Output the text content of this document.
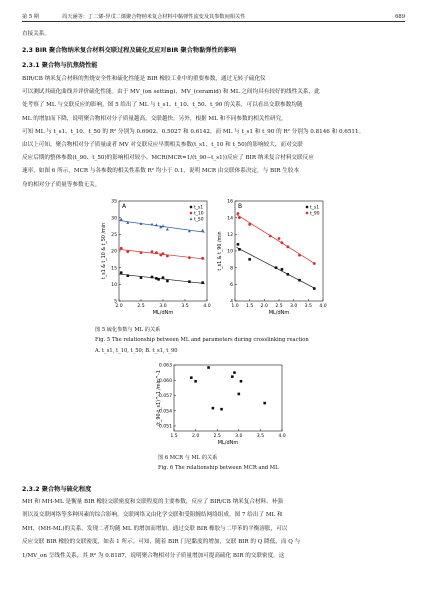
第 5 期	周天涵等：丁二烯-异戊二烯聚合物纳米复合材料中黏弹性流变及其参数间相关性	689
直接关系。
2.3 BIR 聚合物纳米复合材料交联过程及硫化反应对BIR 聚合物黏弹性的影响
2.3.1 聚合物与抗焦烧性能
BIR/CB 纳米复合材料的焦烧安全性和硫化性能是 BIR 橡胶工业中的重要参数，通过无转子硫化仪
可以测试其硫化曲线并评价硫化性能。由于 MV_(on setting)、MV_(ceramid) 和 ML 之间均具有较好的线性关系，此
处考察了 ML 与交联反应的影响。图 5 给出了 ML 与 t_s1、t_10、t_50、t_90 的关系，可以看出交联参数均随
ML 的增加而下降，说明聚合物相对分子质量越高，交联越快。另外，根据 ML 和不同参数的相关性研究，
可知 ML 与 t_s1、t_10、t_50 的 R² 分别为 0.6902、0.5027 和 0.6142，而 ML 与 t_s1 和 t_90 的 R² 分别为 0.8146 和 0.6511。
由以上可知，聚合物相对分子质量或者 MV 对交联反应早期相关参数(t_s1、t_10 和 t_50)的影响较大，而对交联
反应后期的整体参数(t_90、t_50)的影响相对较小。MCR(MCR=1/(t_90−t_s1))反应了 BIR 纳米复合材料交联反应
速率，如图 6 所示，MCR 与各参数的相关性系数 R² 均小于 0.1，说明 MCR 由交联体系决定，与 BIR 生胶本
身的相对分子质量等参数无关。
2.0	2.5	3.0	3.5	4.0
5
10
15
20
25
30
35
ML/dNm
t_s1 & t_10 & t_50 /min
A	t_s1
t_10
t_50
1.0 1.5 2.0 2.5 3.0 3.5 4.0
4
6
8
10
12
14
16
ML/dNm
t_s1 & t_90 /min
B	t_s1
t_90
图 5 硫化参数与 ML 的关系
Fig. 5 The relationship between ML and parameters during crosslinking reaction
A. t_s1, t_10, t_50; B. t_s1, t_90
1.5	2.0	2.5	3.0	3.5	4.0
0.051
0.054
0.057
0.060
0.063
ML/dNm
(t_90-t_s1)^-1 /min^-1
图 6 MCR 与 ML 的关系
Fig. 6 The relationship between MCR and ML
2.3.2 聚合物与硫化程度
MH 和 MH-ML 是衡量 BIR 橡胶交联密度和交联程度的主要参数，反应了 BIR/CB 纳米复合材料、补强
剂以及交联网络等多种因素的综合影响。交联网络又由化学交联和受阻缠结网络组成，图 7 给出了 ML 和
MH、(MH-ML)的关系，发现二者均随 ML 的增加而增加。通过交联 BIR 橡胶与二甲苯的平衡溶胀，可以
反应交联 BIR 橡胶的交联密度，如表 1 所示。可知，随着 BIR 门尼黏度的增加，交联 BIR 的 Q 降低，而 Q 与
1/MV_on 呈线性关系，其 R² 为 0.8187，说明聚合物相对分子质量增加可提高硫化 BIR 的交联密度。这
